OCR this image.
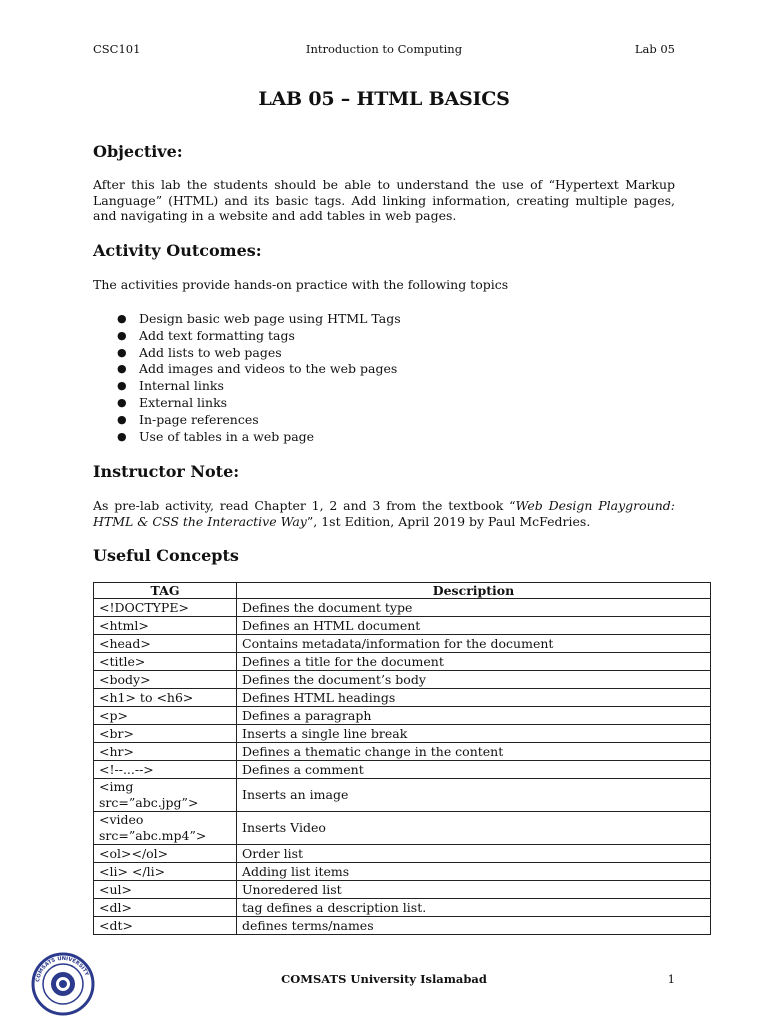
CSC101	Introduction to Computing	Lab 05
LAB 05 – HTML BASICS
Objective:
After this lab the students should be able to understand the use of “Hypertext Markup Language” (HTML) and its basic tags. Add linking information, creating multiple pages, and navigating in a website and add tables in web pages.
Activity Outcomes:
The activities provide hands-on practice with the following topics
● Design basic web page using HTML Tags
● Add text formatting tags
● Add lists to web pages
● Add images and videos to the web pages
● Internal links
● External links
● In-page references
● Use of tables in a web page
Instructor Note:
As pre-lab activity, read Chapter 1, 2 and 3 from the textbook “Web Design Playground: HTML & CSS the Interactive Way”, 1st Edition, April 2019 by Paul McFedries.
Useful Concepts
TAG	Description
<!DOCTYPE>	Defines the document type
<html>	Defines an HTML document
<head>	Contains metadata/information for the document
<title>	Defines a title for the document
<body>	Defines the document’s body
<h1> to <h6>	Defines HTML headings
<p>	Defines a paragraph
<br>	Inserts a single line break
<hr>	Defines a thematic change in the content
<!--...-->	Defines a comment
<img src=”abc.jpg”>	Inserts an image
<video src=”abc.mp4”>	Inserts Video
<ol></ol>	Order list
<li> </li>	Adding list items
<ul>	Unoredered list
<dl>	tag defines a description list.
<dt>	defines terms/names
COMSATS UNIVERSITY	COMSATS University Islamabad	1
